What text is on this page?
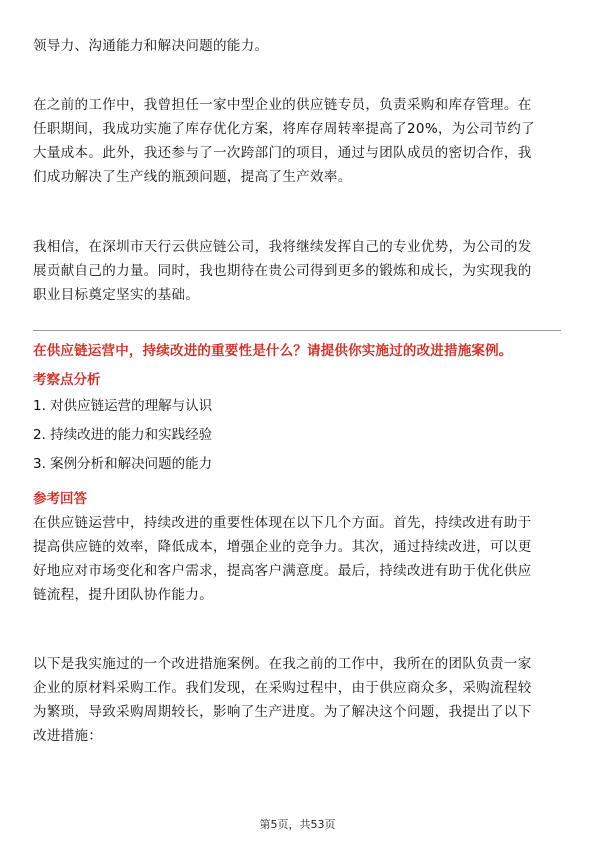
领导力、沟通能力和解决问题的能力。

在之前的工作中，我曾担任一家中型企业的供应链专员，负责采购和库存管理。在
任职期间，我成功实施了库存优化方案，将库存周转率提高了20%，为公司节约了
大量成本。此外，我还参与了一次跨部门的项目，通过与团队成员的密切合作，我
们成功解决了生产线的瓶颈问题，提高了生产效率。

我相信，在深圳市天行云供应链公司，我将继续发挥自己的专业优势，为公司的发
展贡献自己的力量。同时，我也期待在贵公司得到更多的锻炼和成长，为实现我的
职业目标奠定坚实的基础。

在供应链运营中，持续改进的重要性是什么？请提供你实施过的改进措施案例。

考察点分析

1. 对供应链运营的理解与认识
2. 持续改进的能力和实践经验
3. 案例分析和解决问题的能力

参考回答

在供应链运营中，持续改进的重要性体现在以下几个方面。首先，持续改进有助于
提高供应链的效率，降低成本，增强企业的竞争力。其次，通过持续改进，可以更
好地应对市场变化和客户需求，提高客户满意度。最后，持续改进有助于优化供应
链流程，提升团队协作能力。

以下是我实施过的一个改进措施案例。在我之前的工作中，我所在的团队负责一家
企业的原材料采购工作。我们发现，在采购过程中，由于供应商众多，采购流程较
为繁琐，导致采购周期较长，影响了生产进度。为了解决这个问题，我提出了以下
改进措施：

第5页，共53页
